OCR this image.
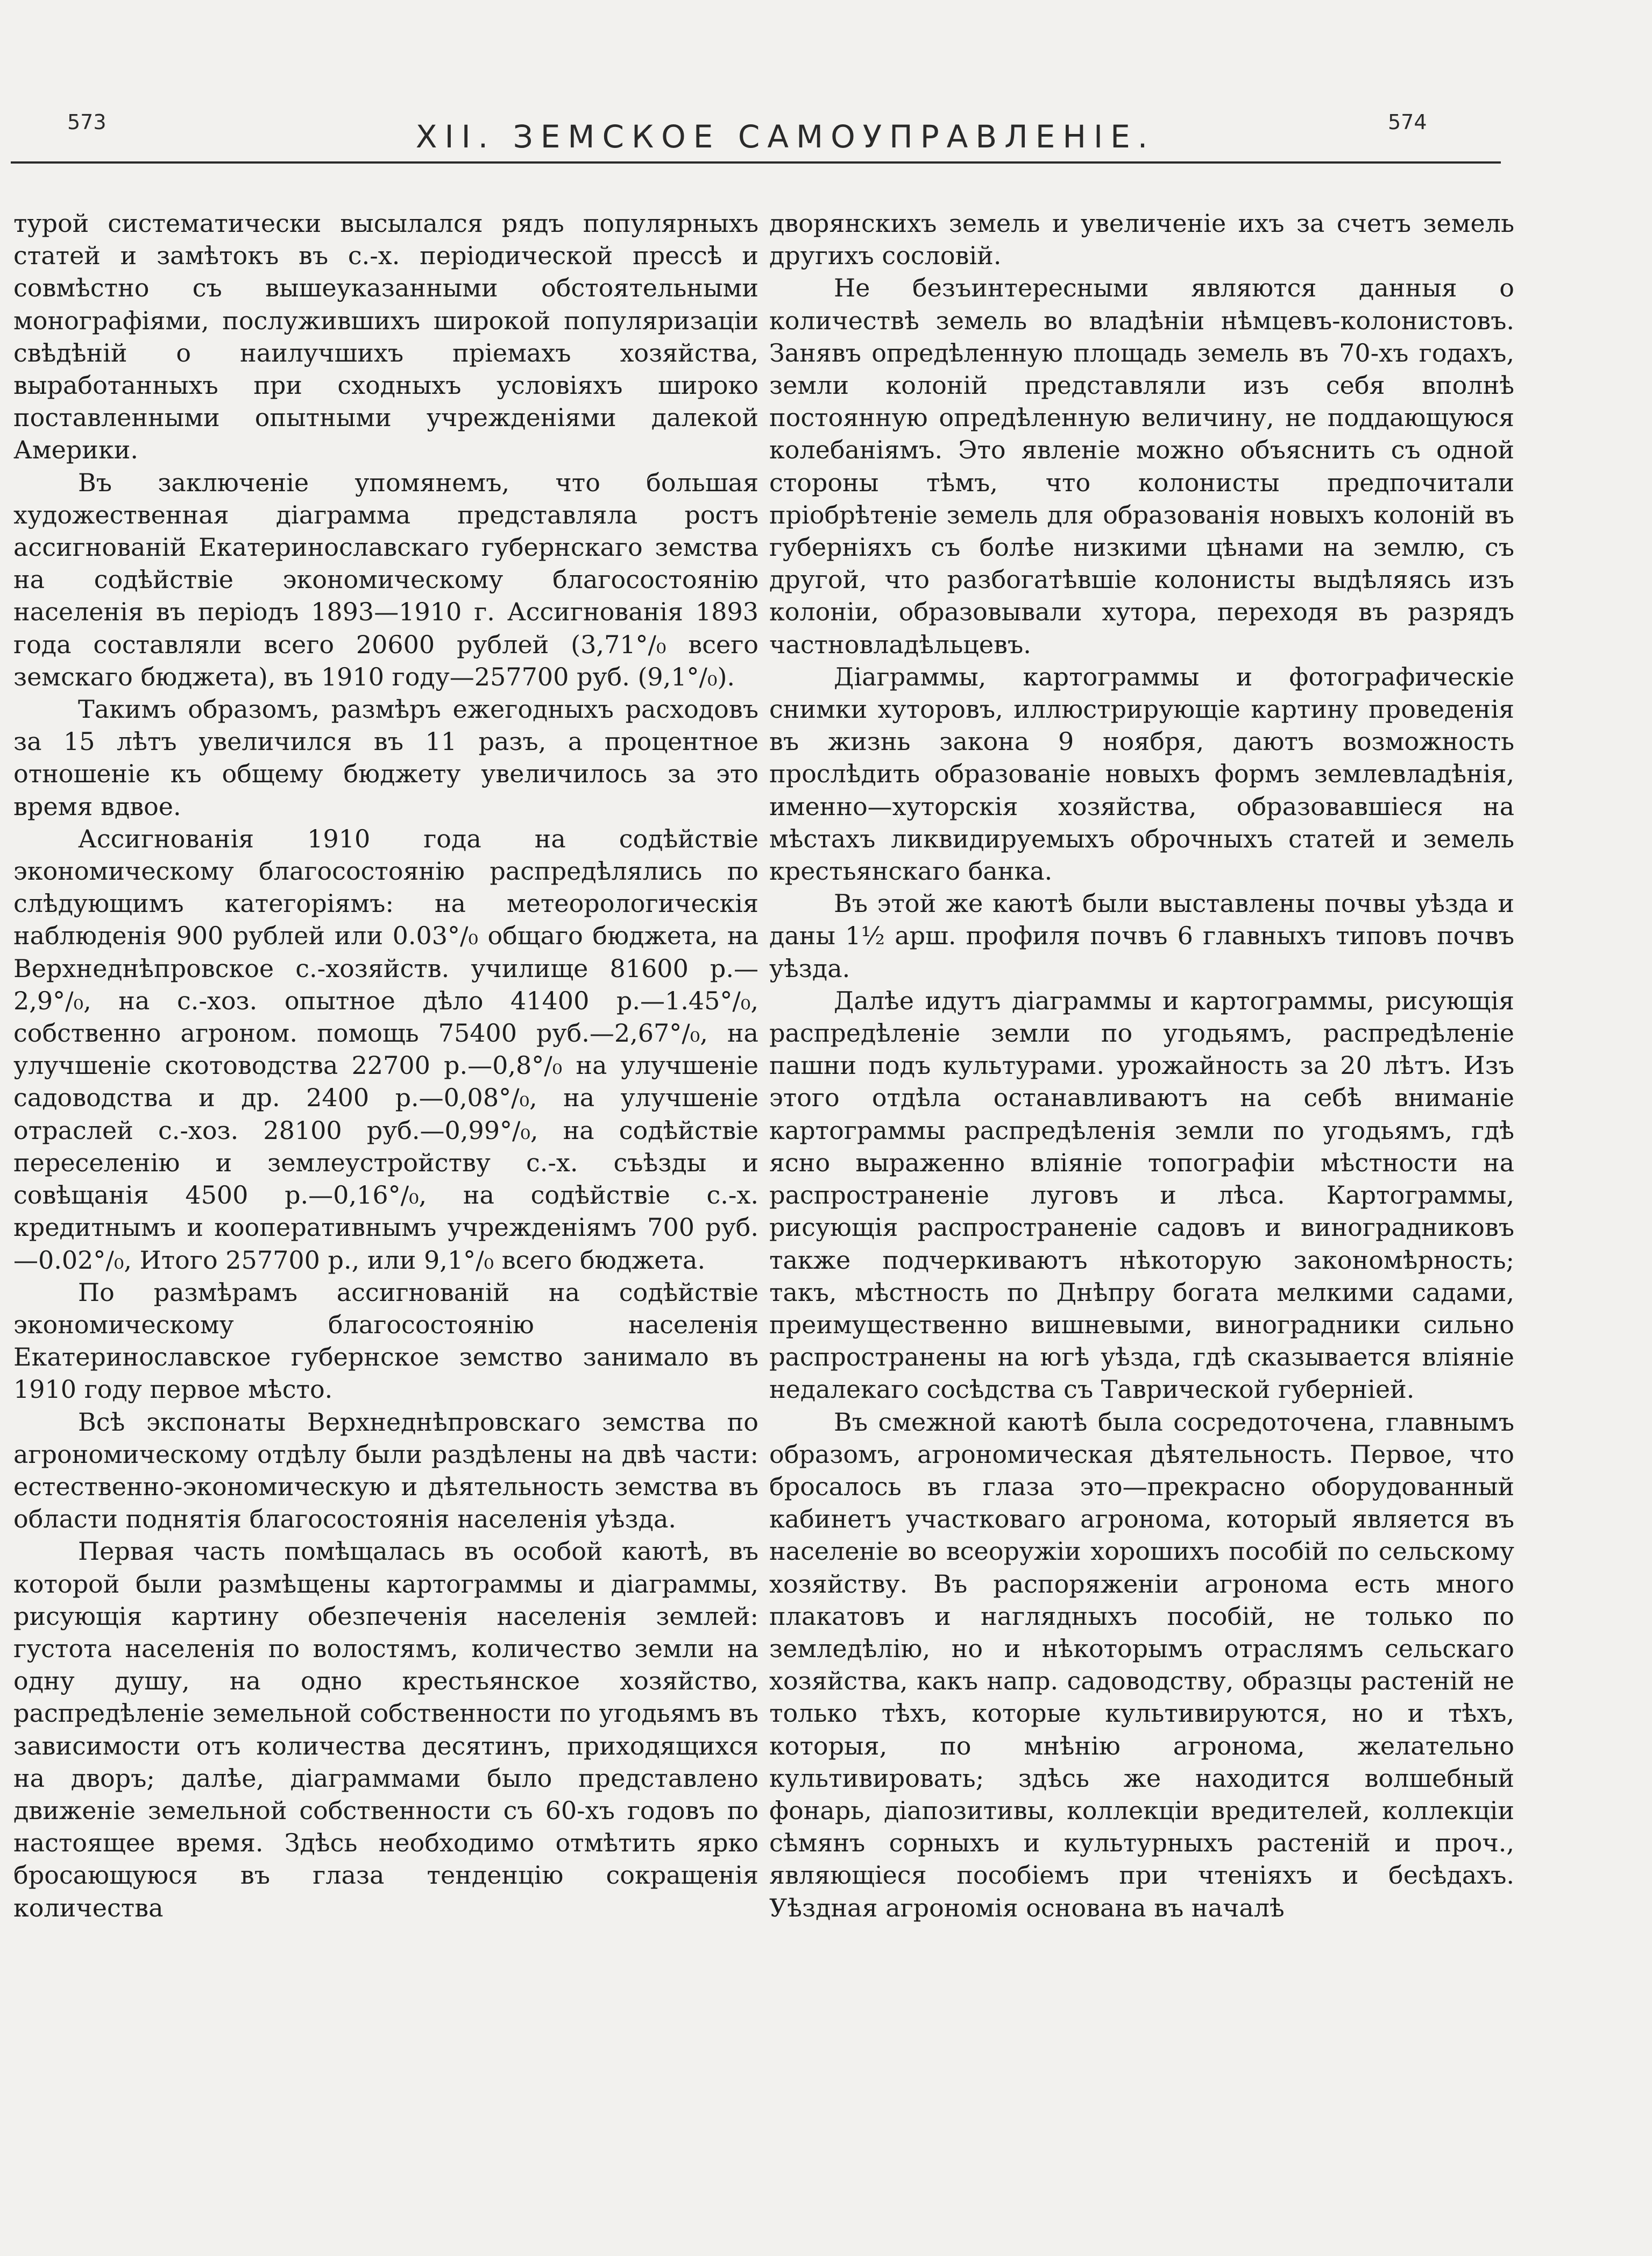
573	XII. ЗЕМСКОЕ САМОУПРАВЛЕНIЕ.	574

турой систематически высылался рядъ популярныхъ статей и замѣтокъ въ с.-х. періодической прессѣ и совмѣстно съ вышеуказанными обстоятельными монографіями, послужившихъ широкой популяризаціи свѣдѣній о наилучшихъ пріемахъ хозяйства, выработанныхъ при сходныхъ условіяхъ широко поставленными опытными учрежденіями далекой Америки.

Въ заключеніе упомянемъ, что большая художественная діаграмма представляла ростъ ассигнованій Екатеринославскаго губернскаго земства на содѣйствіе экономическому благосостоянію населенія въ періодъ 1893—1910 г. Ассигнованія 1893 года составляли всего 20600 рублей (3,71°/₀ всего земскаго бюджета), въ 1910 году—257700 руб. (9,1°/₀).

Такимъ образомъ, размѣръ ежегодныхъ расходовъ за 15 лѣтъ увеличился въ 11 разъ, а процентное отношеніе къ общему бюджету увеличилось за это время вдвое.

Ассигнованія 1910 года на содѣйствіе экономическому благосостоянію распредѣлялись по слѣдующимъ категоріямъ: на метеорологическія наблюденія 900 рублей или 0.03°/₀ общаго бюджета, на Верхнеднѣпровское с.-хозяйств. училище 81600 р.—2,9°/₀, на с.-хоз. опытное дѣло 41400 р.—1.45°/₀, собственно агроном. помощь 75400 руб.—2,67°/₀, на улучшеніе скотоводства 22700 р.—0,8°/₀ на улучшеніе садоводства и др. 2400 р.—0,08°/₀, на улучшеніе отраслей с.-хоз. 28100 руб.—0,99°/₀, на содѣйствіе переселенію и землеустройству с.-х. съѣзды и совѣщанія 4500 р.—0,16°/₀, на содѣйствіе с.-х. кредитнымъ и кооперативнымъ учрежденіямъ 700 руб.—0.02°/₀, Итого 257700 р., или 9,1°/₀ всего бюджета.

По размѣрамъ ассигнованій на содѣйствіе экономическому благосостоянію населенія Екатеринославское губернское земство занимало въ 1910 году первое мѣсто.

Всѣ экспонаты Верхнеднѣпровскаго земства по агрономическому отдѣлу были раздѣлены на двѣ части: естественно-экономическую и дѣятельность земства въ области поднятія благосостоянія населенія уѣзда.

Первая часть помѣщалась въ особой каютѣ, въ которой были размѣщены картограммы и діаграммы, рисующія картину обезпеченія населенія землей: густота населенія по волостямъ, количество земли на одну душу, на одно крестьянское хозяйство, распредѣленіе земельной собственности по угодьямъ въ зависимости отъ количества десятинъ, приходящихся на дворъ; далѣе, діаграммами было представлено движеніе земельной собственности съ 60-хъ годовъ по настоящее время. Здѣсь необходимо отмѣтить ярко бросающуюся въ глаза тенденцію сокращенія количества

дворянскихъ земель и увеличеніе ихъ за счетъ земель другихъ сословій.

Не безъинтересными являются данныя о количествѣ земель во владѣніи нѣмцевъ-колонистовъ. Занявъ опредѣленную площадь земель въ 70-хъ годахъ, земли колоній представляли изъ себя вполнѣ постоянную опредѣленную величину, не поддающуюся колебаніямъ. Это явленіе можно объяснить съ одной стороны тѣмъ, что колонисты предпочитали пріобрѣтеніе земель для образованія новыхъ колоній въ губерніяхъ съ болѣе низкими цѣнами на землю, съ другой, что разбогатѣвшіе колонисты выдѣляясь изъ колоніи, образовывали хутора, переходя въ разрядъ частновладѣльцевъ.

Діаграммы, картограммы и фотографическіе снимки хуторовъ, иллюстрирующіе картину проведенія въ жизнь закона 9 ноября, даютъ возможность прослѣдить образованіе новыхъ формъ землевладѣнія, именно—хуторскія хозяйства, образовавшіеся на мѣстахъ ликвидируемыхъ оброчныхъ статей и земель крестьянскаго банка.

Въ этой же каютѣ были выставлены почвы уѣзда и даны 1½ арш. профиля почвъ 6 главныхъ типовъ почвъ уѣзда.

Далѣе идутъ діаграммы и картограммы, рисующія распредѣленіе земли по угодьямъ, распредѣленіе пашни подъ культурами. урожайность за 20 лѣтъ. Изъ этого отдѣла останавливаютъ на себѣ вниманіе картограммы распредѣленія земли по угодьямъ, гдѣ ясно выраженно вліяніе топографіи мѣстности на распространеніе луговъ и лѣса. Картограммы, рисующія распространеніе садовъ и виноградниковъ также подчеркиваютъ нѣкоторую закономѣрность; такъ, мѣстность по Днѣпру богата мелкими садами, преимущественно вишневыми, виноградники сильно распространены на югѣ уѣзда, гдѣ сказывается вліяніе недалекаго сосѣдства съ Таврической губерніей.

Въ смежной каютѣ была сосредоточена, главнымъ образомъ, агрономическая дѣятельность. Первое, что бросалось въ глаза это—прекрасно оборудованный кабинетъ участковаго агронома, который является въ населеніе во всеоружіи хорошихъ пособій по сельскому хозяйству. Въ распоряженіи агронома есть много плакатовъ и наглядныхъ пособій, не только по земледѣлію, но и нѣкоторымъ отраслямъ сельскаго хозяйства, какъ напр. садоводству, образцы растеній не только тѣхъ, которые культивируются, но и тѣхъ, которыя, по мнѣнію агронома, желательно культивировать; здѣсь же находится волшебный фонарь, діапозитивы, коллекціи вредителей, коллекціи сѣмянъ сорныхъ и культурныхъ растеній и проч., являющіеся пособіемъ при чтеніяхъ и бесѣдахъ. Уѣздная агрономія основана въ началѣ
